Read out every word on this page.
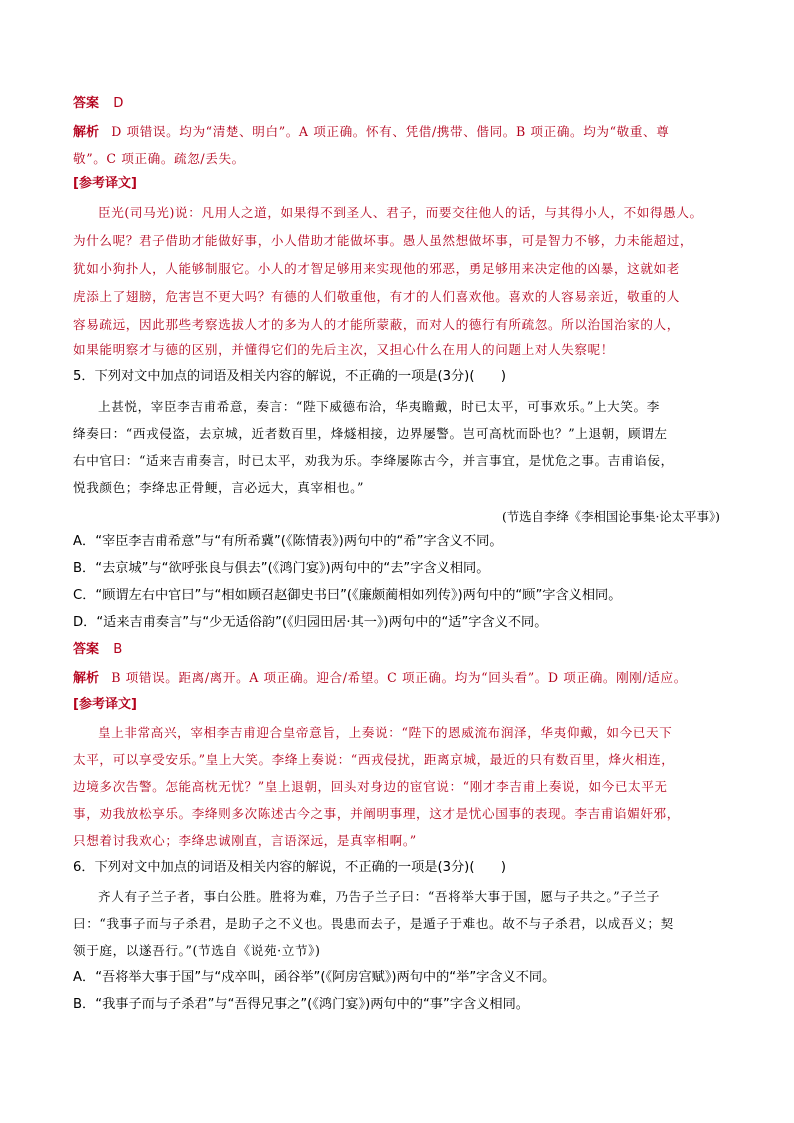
答案 D
解析 D 项错误。均为“清楚、明白”。A 项正确。怀有、凭借/携带、偕同。B 项正确。均为“敬重、尊
敬”。C 项正确。疏忽/丢失。
[参考译文]
臣光(司马光)说：凡用人之道，如果得不到圣人、君子，而要交往他人的话，与其得小人，不如得愚人。
为什么呢？君子借助才能做好事，小人借助才能做坏事。愚人虽然想做坏事，可是智力不够，力未能超过，
犹如小狗扑人，人能够制服它。小人的才智足够用来实现他的邪恶，勇足够用来决定他的凶暴，这就如老
虎添上了翅膀，危害岂不更大吗？有德的人们敬重他，有才的人们喜欢他。喜欢的人容易亲近，敬重的人
容易疏远，因此那些考察选拔人才的多为人的才能所蒙蔽，而对人的德行有所疏忽。所以治国治家的人，
如果能明察才与德的区别，并懂得它们的先后主次，又担心什么在用人的问题上对人失察呢！
5．下列对文中加点的词语及相关内容的解说，不正确的一项是(3分)(　　)
上甚悦，宰臣李吉甫希意，奏言：“陛下威德布洽，华夷瞻戴，时已太平，可事欢乐。”上大笑。李
绛奏曰：“西戎侵盗，去京城，近者数百里，烽燧相接，边界屡警。岂可高枕而卧也？”上退朝，顾谓左
右中官曰：“适来吉甫奏言，时已太平，劝我为乐。李绛屡陈古今，并言事宜，是忧危之事。吉甫谄佞，
悦我颜色；李绛忠正骨鲠，言必远大，真宰相也。”
(节选自李绛《李相国论事集·论太平事》)
A．“宰臣李吉甫希意”与“有所希冀”(《陈情表》)两句中的“希”字含义不同。
B．“去京城”与“欲呼张良与俱去”(《鸿门宴》)两句中的“去”字含义相同。
C．“顾谓左右中官曰”与“相如顾召赵御史书曰”(《廉颇蔺相如列传》)两句中的“顾”字含义相同。
D．“适来吉甫奏言”与“少无适俗韵”(《归园田居·其一》)两句中的“适”字含义不同。
答案 B
解析 B 项错误。距离/离开。A 项正确。迎合/希望。C 项正确。均为“回头看”。D 项正确。刚刚/适应。
[参考译文]
皇上非常高兴，宰相李吉甫迎合皇帝意旨，上奏说：“陛下的恩威流布润泽，华夷仰戴，如今已天下
太平，可以享受安乐。”皇上大笑。李绛上奏说：“西戎侵扰，距离京城，最近的只有数百里，烽火相连，
边境多次告警。怎能高枕无忧？”皇上退朝，回头对身边的宦官说：“刚才李吉甫上奏说，如今已太平无
事，劝我放松享乐。李绛则多次陈述古今之事，并阐明事理，这才是忧心国事的表现。李吉甫谄媚奸邪，
只想着讨我欢心；李绛忠诚刚直，言语深远，是真宰相啊。”
6．下列对文中加点的词语及相关内容的解说，不正确的一项是(3分)(　　)
齐人有子兰子者，事白公胜。胜将为难，乃告子兰子曰：“吾将举大事于国，愿与子共之。”子兰子
曰：“我事子而与子杀君，是助子之不义也。畏患而去子，是遁子于难也。故不与子杀君，以成吾义；契
领于庭，以遂吾行。”(节选自《说苑·立节》)
A．“吾将举大事于国”与“戍卒叫，函谷举”(《阿房宫赋》)两句中的“举”字含义不同。
B．“我事子而与子杀君”与“吾得兄事之”(《鸿门宴》)两句中的“事”字含义相同。
